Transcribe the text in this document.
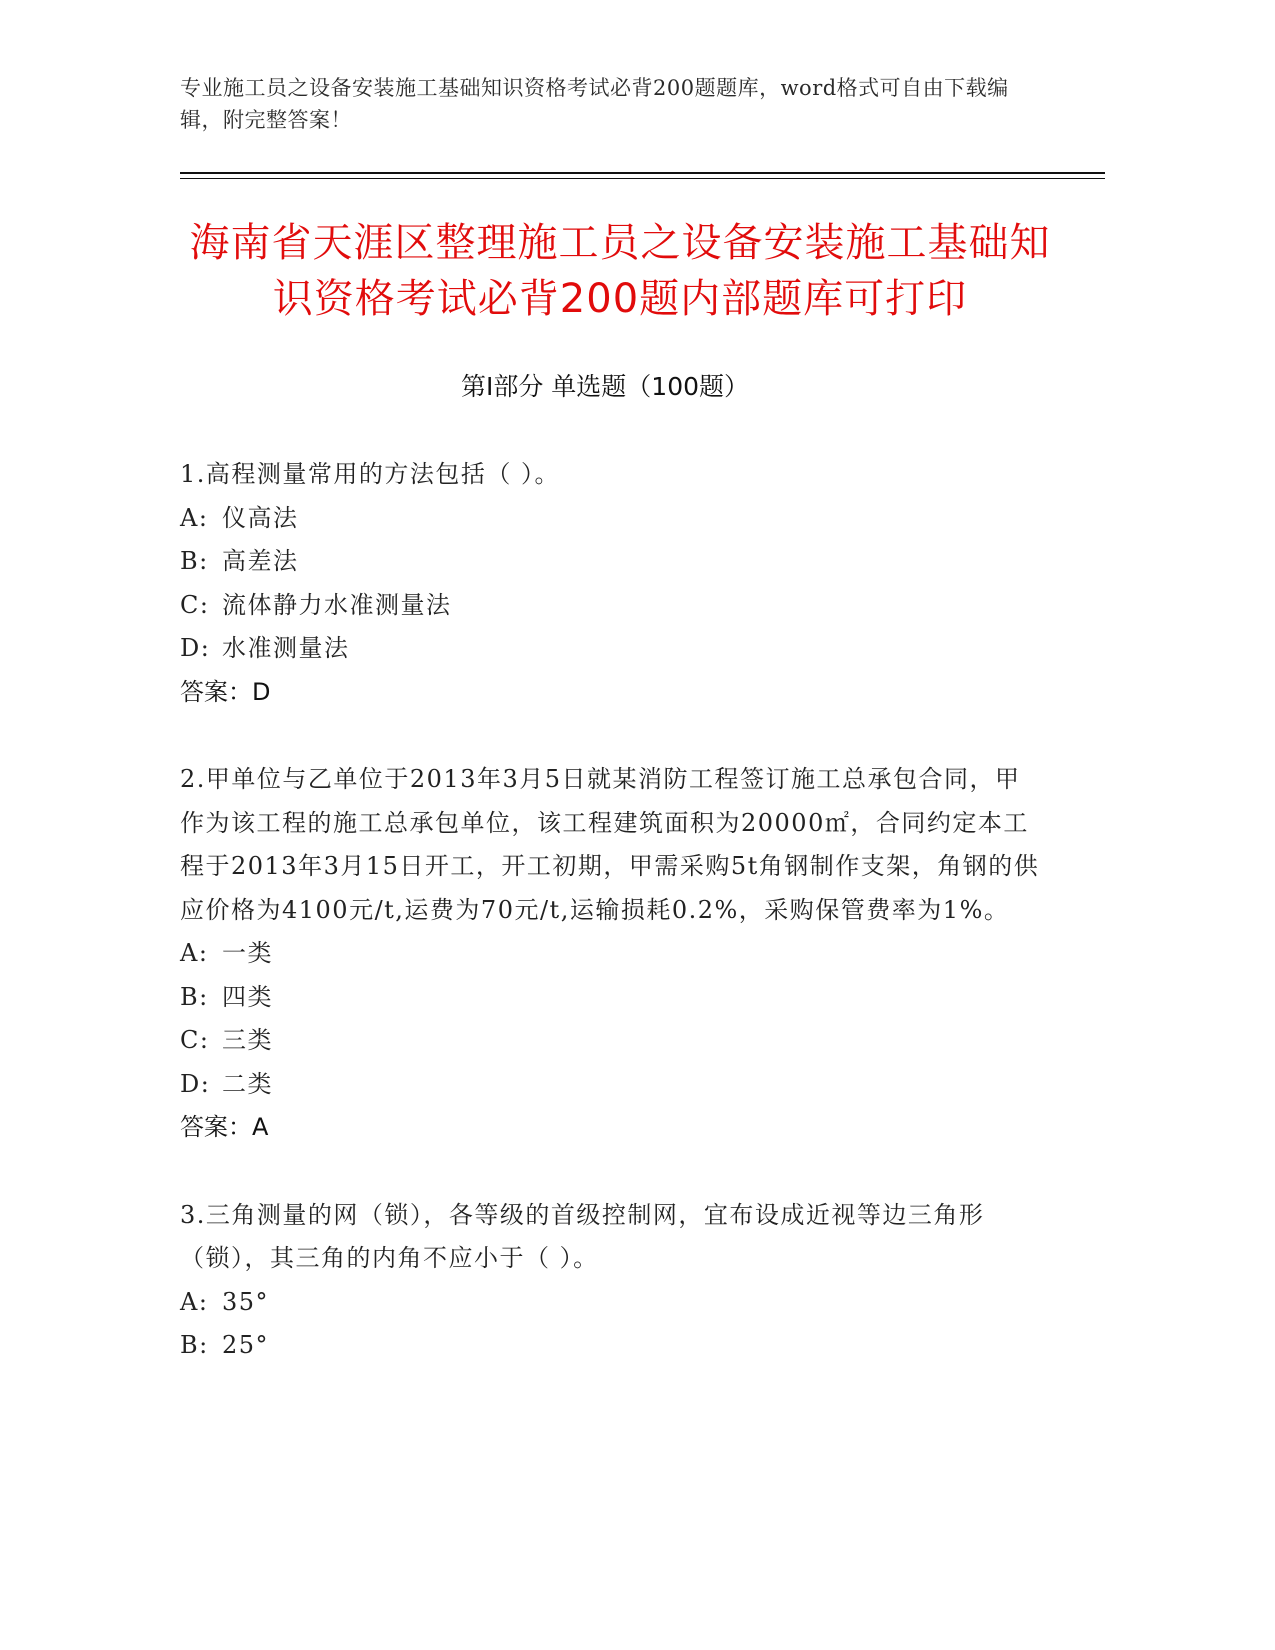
专业施工员之设备安装施工基础知识资格考试必背200题题库，word格式可自由下载编辑，附完整答案！
海南省天涯区整理施工员之设备安装施工基础知识资格考试必背200题内部题库可打印
第Ⅰ部分 单选题（100题）

1.高程测量常用的方法包括（ ）。

A: 仪高法

B: 高差法

C: 流体静力水准测量法

D: 水准测量法

答案：D

2.甲单位与乙单位于2013年3月5日就某消防工程签订施工总承包合同，甲作为该工程的施工总承包单位，该工程建筑面积为20000㎡，合同约定本工程于2013年3月15日开工，开工初期，甲需采购5t角钢制作支架，角钢的供应价格为4100元/t,运费为70元/t,运输损耗0.2%，采购保管费率为1%。

A: 一类

B: 四类

C: 三类

D: 二类

答案：A

3.三角测量的网（锁），各等级的首级控制网，宜布设成近视等边三角形（锁），其三角的内角不应小于（ ）。

A: 35°

B: 25°
